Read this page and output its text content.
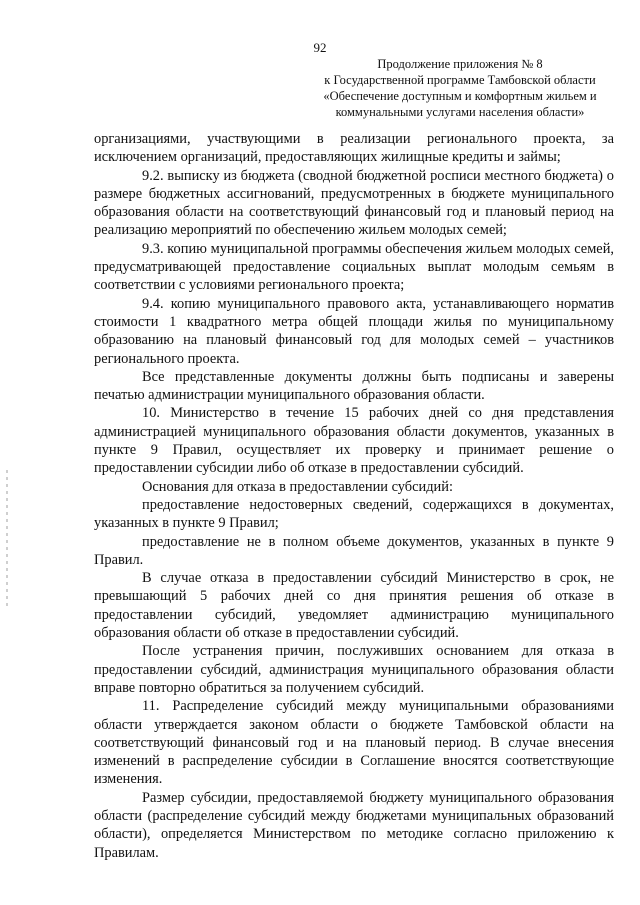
92
Продолжение приложения № 8
к Государственной программе Тамбовской области
«Обеспечение доступным и комфортным жильем и
коммунальными услугами населения области»

организациями, участвующими в реализации регионального проекта, за исключением организаций, предоставляющих жилищные кредиты и займы;

9.2. выписку из бюджета (сводной бюджетной росписи местного бюджета) о размере бюджетных ассигнований, предусмотренных в бюджете муниципального образования области на соответствующий финансовый год и плановый период на реализацию мероприятий по обеспечению жильем молодых семей;

9.3. копию муниципальной программы обеспечения жильем молодых семей, предусматривающей предоставление социальных выплат молодым семьям в соответствии с условиями регионального проекта;

9.4. копию муниципального правового акта, устанавливающего норматив стоимости 1 квадратного метра общей площади жилья по муниципальному образованию на плановый финансовый год для молодых семей – участников регионального проекта.

Все представленные документы должны быть подписаны и заверены печатью администрации муниципального образования области.

10. Министерство в течение 15 рабочих дней со дня представления администрацией муниципального образования области документов, указанных в пункте 9 Правил, осуществляет их проверку и принимает решение о предоставлении субсидии либо об отказе в предоставлении субсидий.

Основания для отказа в предоставлении субсидий:

предоставление недостоверных сведений, содержащихся в документах, указанных в пункте 9 Правил;

предоставление не в полном объеме документов, указанных в пункте 9 Правил.

В случае отказа в предоставлении субсидий Министерство в срок, не превышающий 5 рабочих дней со дня принятия решения об отказе в предоставлении субсидий, уведомляет администрацию муниципального образования области об отказе в предоставлении субсидий.

После устранения причин, послуживших основанием для отказа в предоставлении субсидий, администрация муниципального образования области вправе повторно обратиться за получением субсидий.

11. Распределение субсидий между муниципальными образованиями области утверждается законом области о бюджете Тамбовской области на соответствующий финансовый год и на плановый период. В случае внесения изменений в распределение субсидии в Соглашение вносятся соответствующие изменения.

Размер субсидии, предоставляемой бюджету муниципального образования области (распределение субсидий между бюджетами муниципальных образований области), определяется Министерством по методике согласно приложению к Правилам.
